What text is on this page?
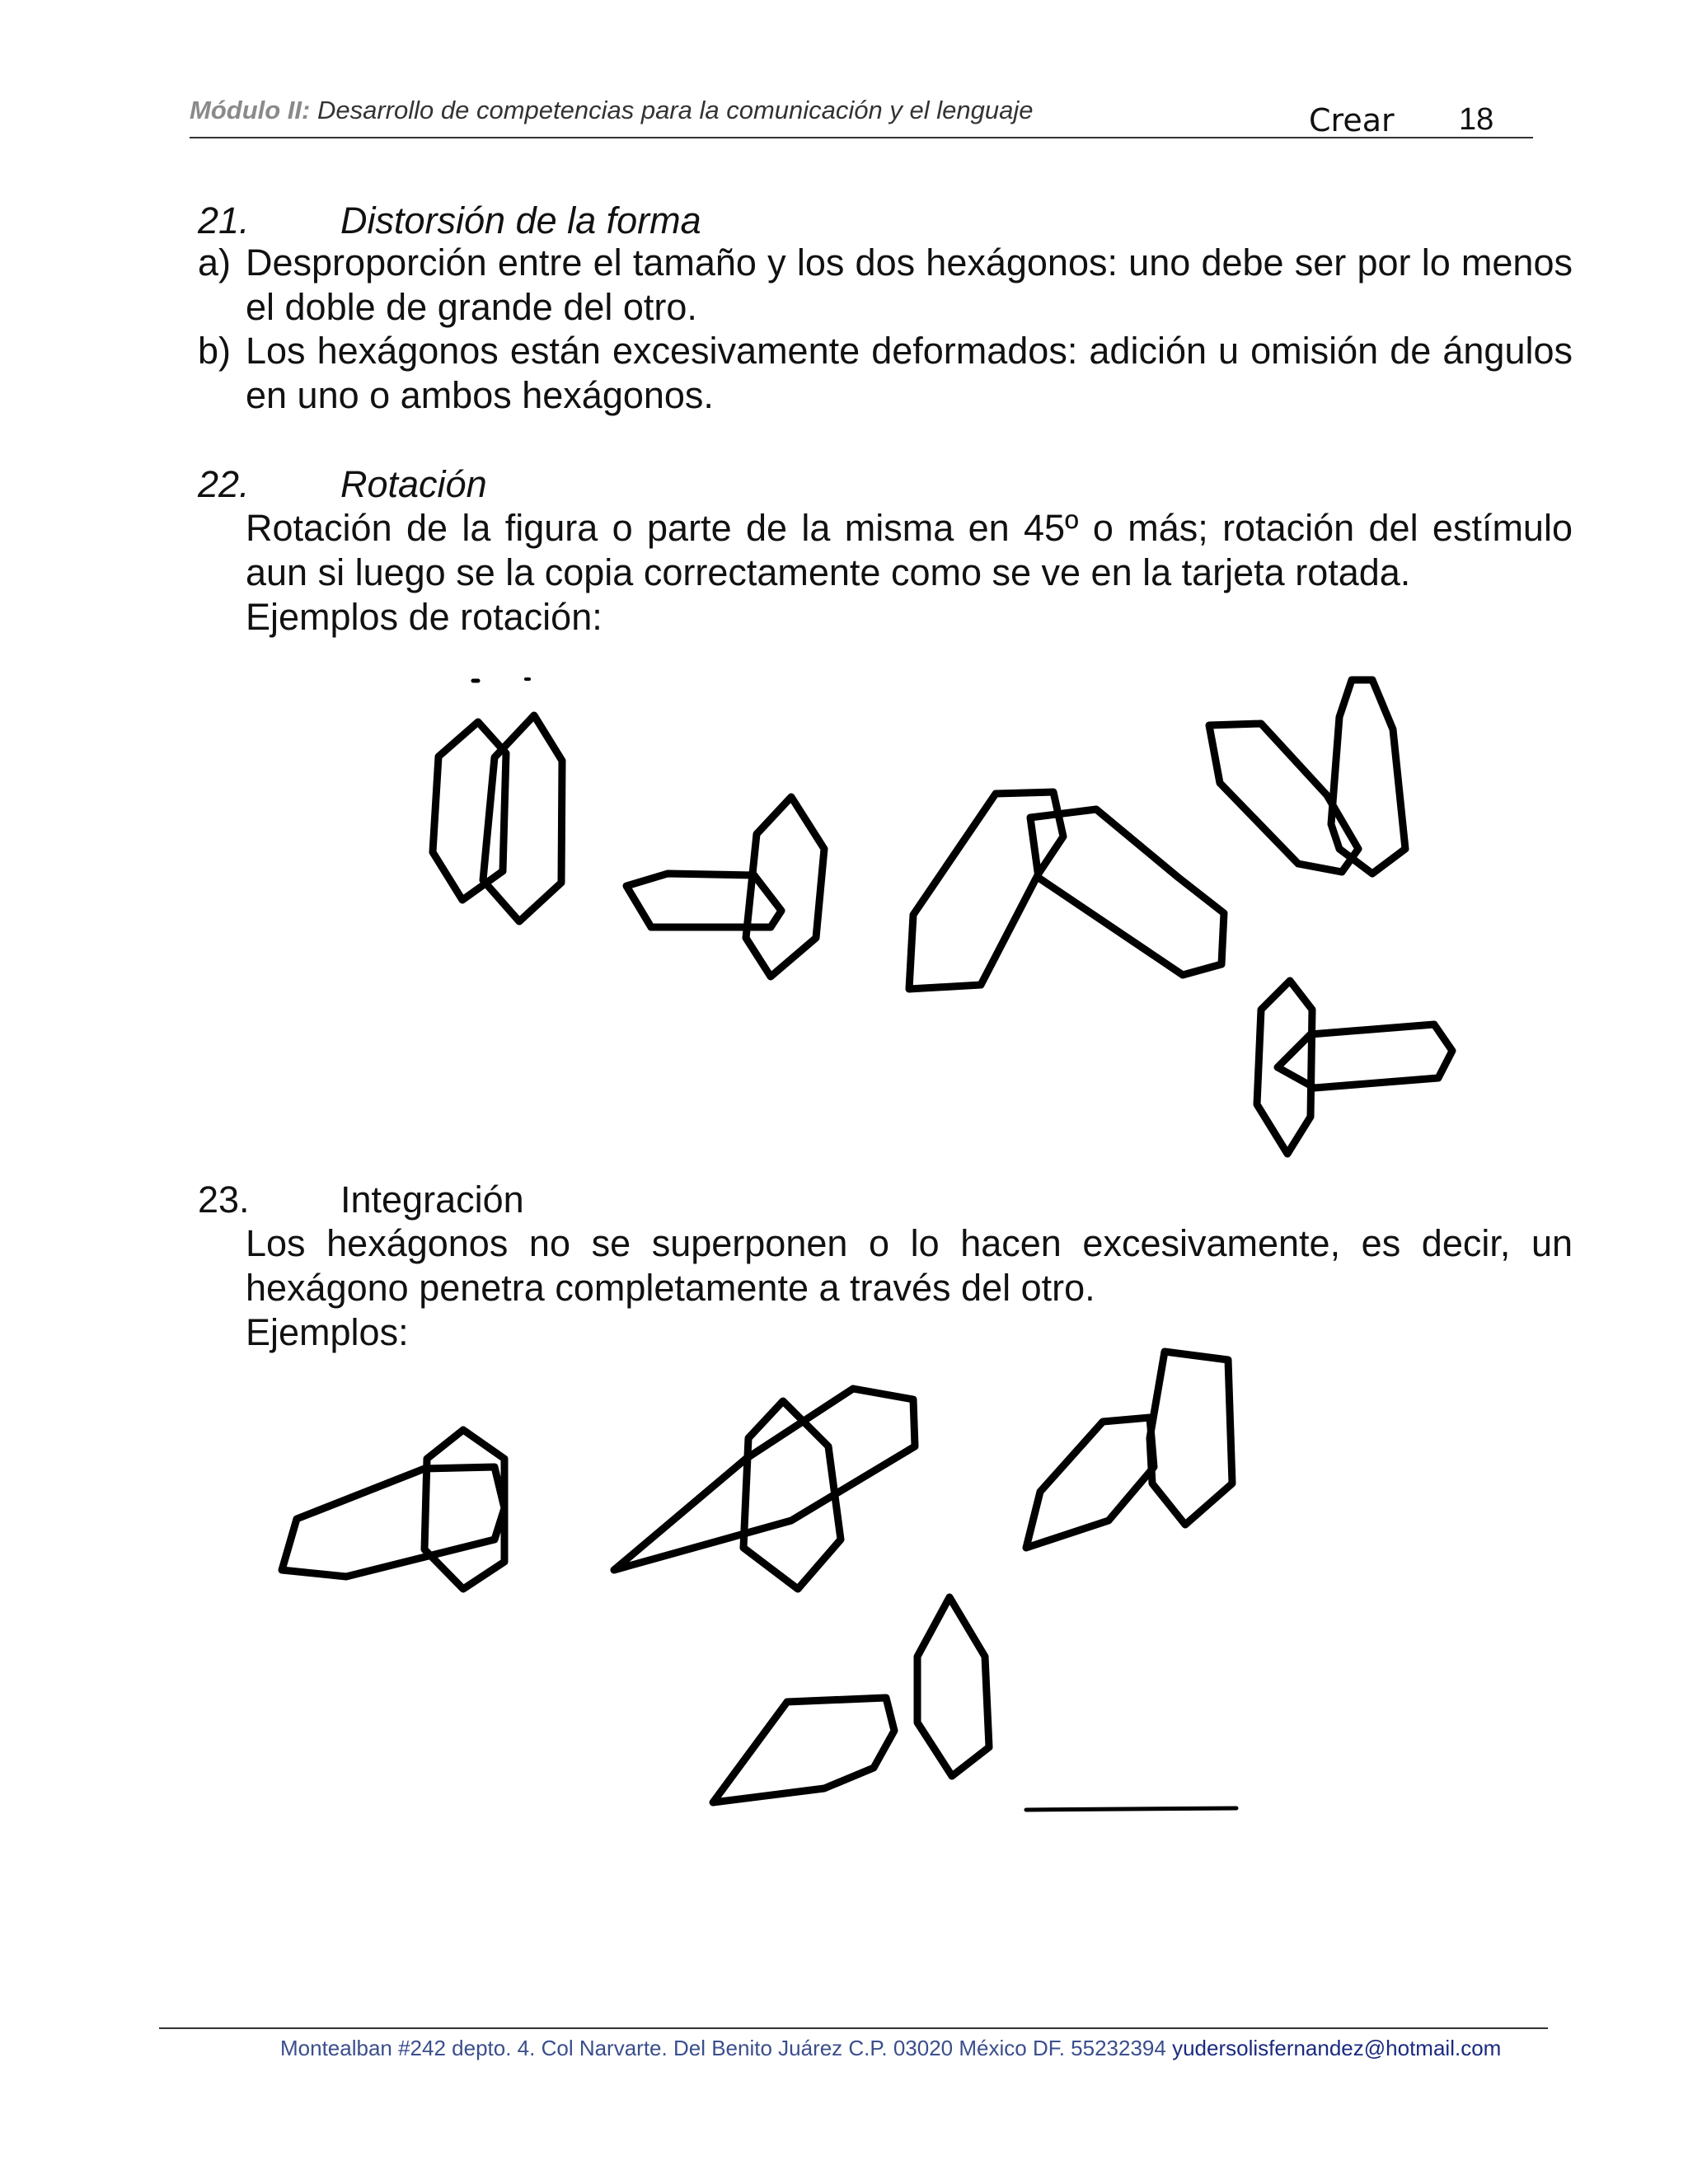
Módulo II: Desarrollo de competencias para la comunicación y el lenguaje	Crear 18
21. Distorsión de la forma
a) Desproporción entre el tamaño y los dos hexágonos: uno debe ser por lo menos el doble de grande del otro.
b) Los hexágonos están excesivamente deformados: adición u omisión de ángulos en uno o ambos hexágonos.
22. Rotación
Rotación de la figura o parte de la misma en 45º o más; rotación del estímulo aun si luego se la copia correctamente como se ve en la tarjeta rotada.
Ejemplos de rotación:
23. Integración
Los hexágonos no se superponen o lo hacen excesivamente, es decir, un hexágono penetra completamente a través del otro.
Ejemplos:
Montealban #242 depto. 4. Col Narvarte. Del Benito Juárez C.P. 03020 México DF. 55232394 yudersolisfernandez@hotmail.com
